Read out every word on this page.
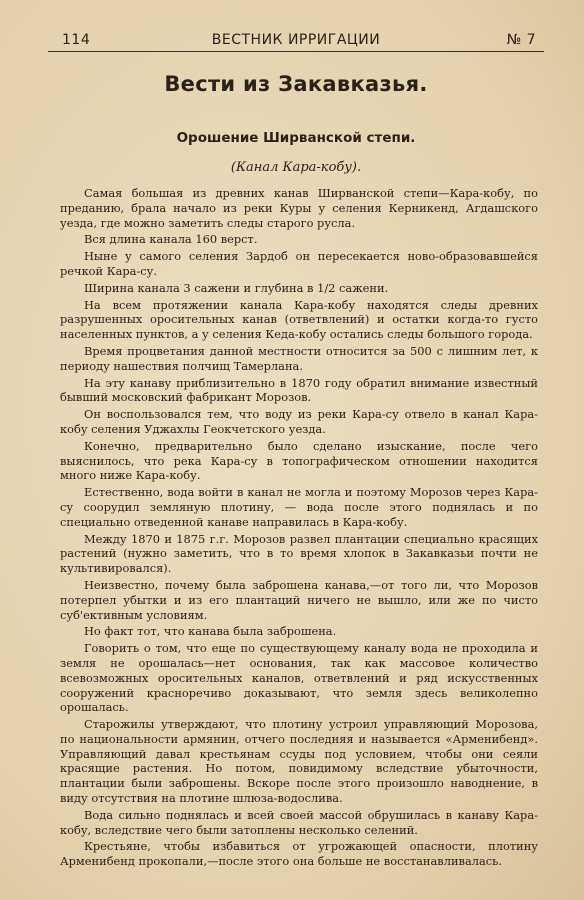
114	ВЕСТНИК ИРРИГАЦИИ	№ 7
Вести из Закавказья.
Орошение Ширванской степи.
(Канал Кара-кобу).

Самая большая из древних канав Ширванской степи—Кара-кобу, по преданию, брала начало из реки Куры у селения Керникенд, Агдашского уезда, где можно заметить следы старого русла.

Вся длина канала 160 верст.

Ныне у самого селения Зардоб он пересекается ново-образовавшейся речкой Кара-су.

Ширина канала 3 сажени и глубина в 1/2 сажени.

На всем протяжении канала Кара-кобу находятся следы древних разрушенных оросительных канав (ответвлений) и остатки когда-то густо населенных пунктов, а у селения Кеда-кобу остались следы большого города.

Время процветания данной местности относится за 500 с лишним лет, к периоду нашествия полчищ Тамерлана.

На эту канаву приблизительно в 1870 году обратил внимание известный бывший московский фабрикант Морозов.

Он воспользовался тем, что воду из реки Кара-су отвело в канал Кара-кобу селения Уджахлы Геокчетского уезда.

Конечно, предварительно было сделано изыскание, после чего выяснилось, что река Кара-су в топографическом отношении находится много ниже Кара-кобу.

Естественно, вода войти в канал не могла и поэтому Морозов через Кара-су соорудил земляную плотину, — вода после этого поднялась и по специально отведенной канаве направилась в Кара-кобу.

Между 1870 и 1875 г.г. Морозов развел плантации специально красящих растений (нужно заметить, что в то время хлопок в Закавказьи почти не культивировался).

Неизвестно, почему была заброшена канава,—от того ли, что Морозов потерпел убытки и из его плантаций ничего не вышло, или же по чисто суб'ективным условиям.

Но факт тот, что канава была заброшена.

Говорить о том, что еще по существующему каналу вода не проходила и земля не орошалась—нет основания, так как массовое количество всевозможных оросительных каналов, ответвлений и ряд искусственных сооружений красноречиво доказывают, что земля здесь великолепно орошалась.

Старожилы утверждают, что плотину устроил управляющий Морозова, по национальности армянин, отчего последняя и называется «Арменибенд». Управляющий давал крестьянам ссуды под условием, чтобы они сеяли красящие растения. Но потом, повидимому вследствие убыточности, плантации были заброшены. Вскоре после этого произошло наводнение, в виду отсутствия на плотине шлюза-водослива.

Вода сильно поднялась и всей своей массой обрушилась в канаву Кара-кобу, вследствие чего были затоплены несколько селений.

Крестьяне, чтобы избавиться от угрожающей опасности, плотину Арменибенд прокопали,—после этого она больше не восстанавливалась.
